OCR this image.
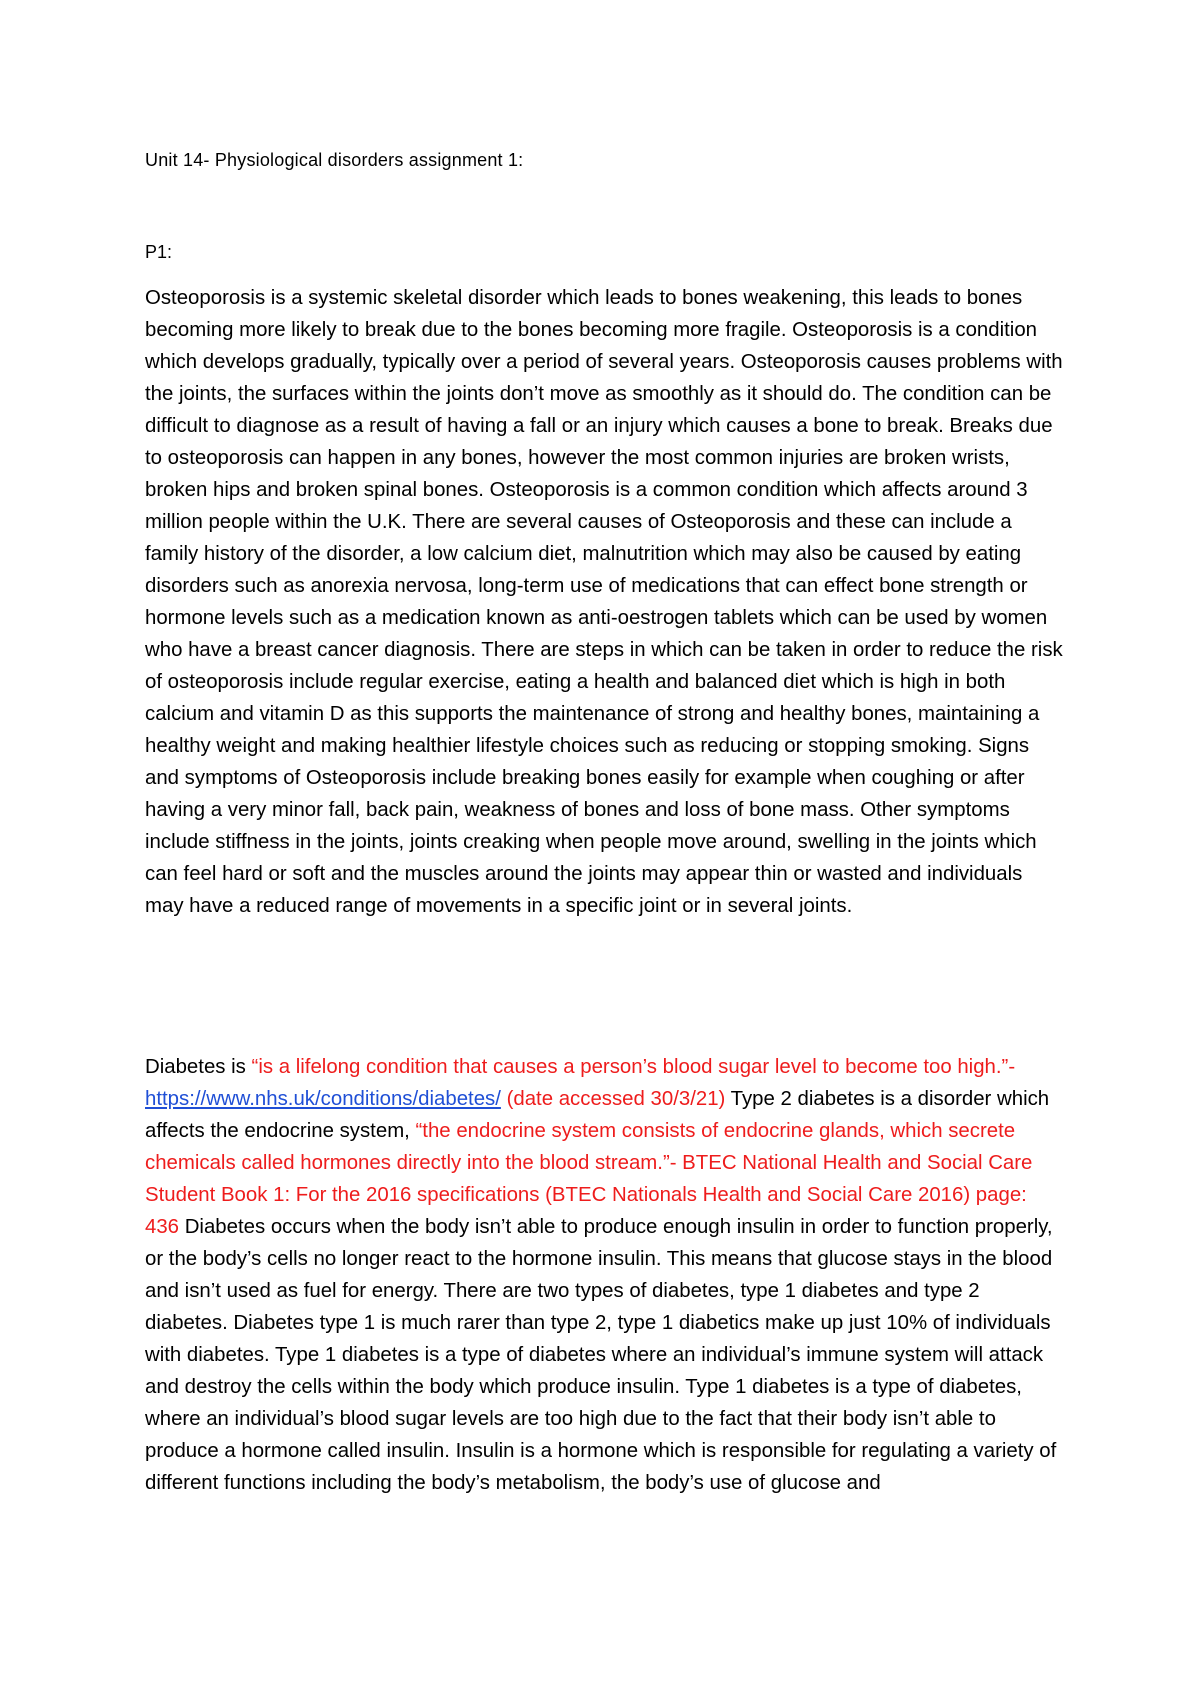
Unit 14- Physiological disorders assignment 1:
P1:

Osteoporosis is a systemic skeletal disorder which leads to bones weakening, this leads to bones becoming more likely to break due to the bones becoming more fragile. Osteoporosis is a condition which develops gradually, typically over a period of several years. Osteoporosis causes problems with the joints, the surfaces within the joints don’t move as smoothly as it should do. The condition can be difficult to diagnose as a result of having a fall or an injury which causes a bone to break. Breaks due to osteoporosis can happen in any bones, however the most common injuries are broken wrists, broken hips and broken spinal bones. Osteoporosis is a common condition which affects around 3 million people within the U.K. There are several causes of Osteoporosis and these can include a family history of the disorder, a low calcium diet, malnutrition which may also be caused by eating disorders such as anorexia nervosa, long-term use of medications that can effect bone strength or hormone levels such as a medication known as anti-oestrogen tablets which can be used by women who have a breast cancer diagnosis. There are steps in which can be taken in order to reduce the risk of osteoporosis include regular exercise, eating a health and balanced diet which is high in both calcium and vitamin D as this supports the maintenance of strong and healthy bones, maintaining a healthy weight and making healthier lifestyle choices such as reducing or stopping smoking. Signs and symptoms of Osteoporosis include breaking bones easily for example when coughing or after having a very minor fall, back pain, weakness of bones and loss of bone mass. Other symptoms include stiffness in the joints, joints creaking when people move around, swelling in the joints which can feel hard or soft and the muscles around the joints may appear thin or wasted and individuals may have a reduced range of movements in a specific joint or in several joints.

Diabetes is “is a lifelong condition that causes a person’s blood sugar level to become too high.”- https://www.nhs.uk/conditions/diabetes/ (date accessed 30/3/21) Type 2 diabetes is a disorder which affects the endocrine system, “the endocrine system consists of endocrine glands, which secrete chemicals called hormones directly into the blood stream.”- BTEC National Health and Social Care Student Book 1: For the 2016 specifications (BTEC Nationals Health and Social Care 2016) page: 436 Diabetes occurs when the body isn’t able to produce enough insulin in order to function properly, or the body’s cells no longer react to the hormone insulin. This means that glucose stays in the blood and isn’t used as fuel for energy. There are two types of diabetes, type 1 diabetes and type 2 diabetes. Diabetes type 1 is much rarer than type 2, type 1 diabetics make up just 10% of individuals with diabetes. Type 1 diabetes is a type of diabetes where an individual’s immune system will attack and destroy the cells within the body which produce insulin. Type 1 diabetes is a type of diabetes, where an individual’s blood sugar levels are too high due to the fact that their body isn’t able to produce a hormone called insulin. Insulin is a hormone which is responsible for regulating a variety of different functions including the body’s metabolism, the body’s use of glucose and
